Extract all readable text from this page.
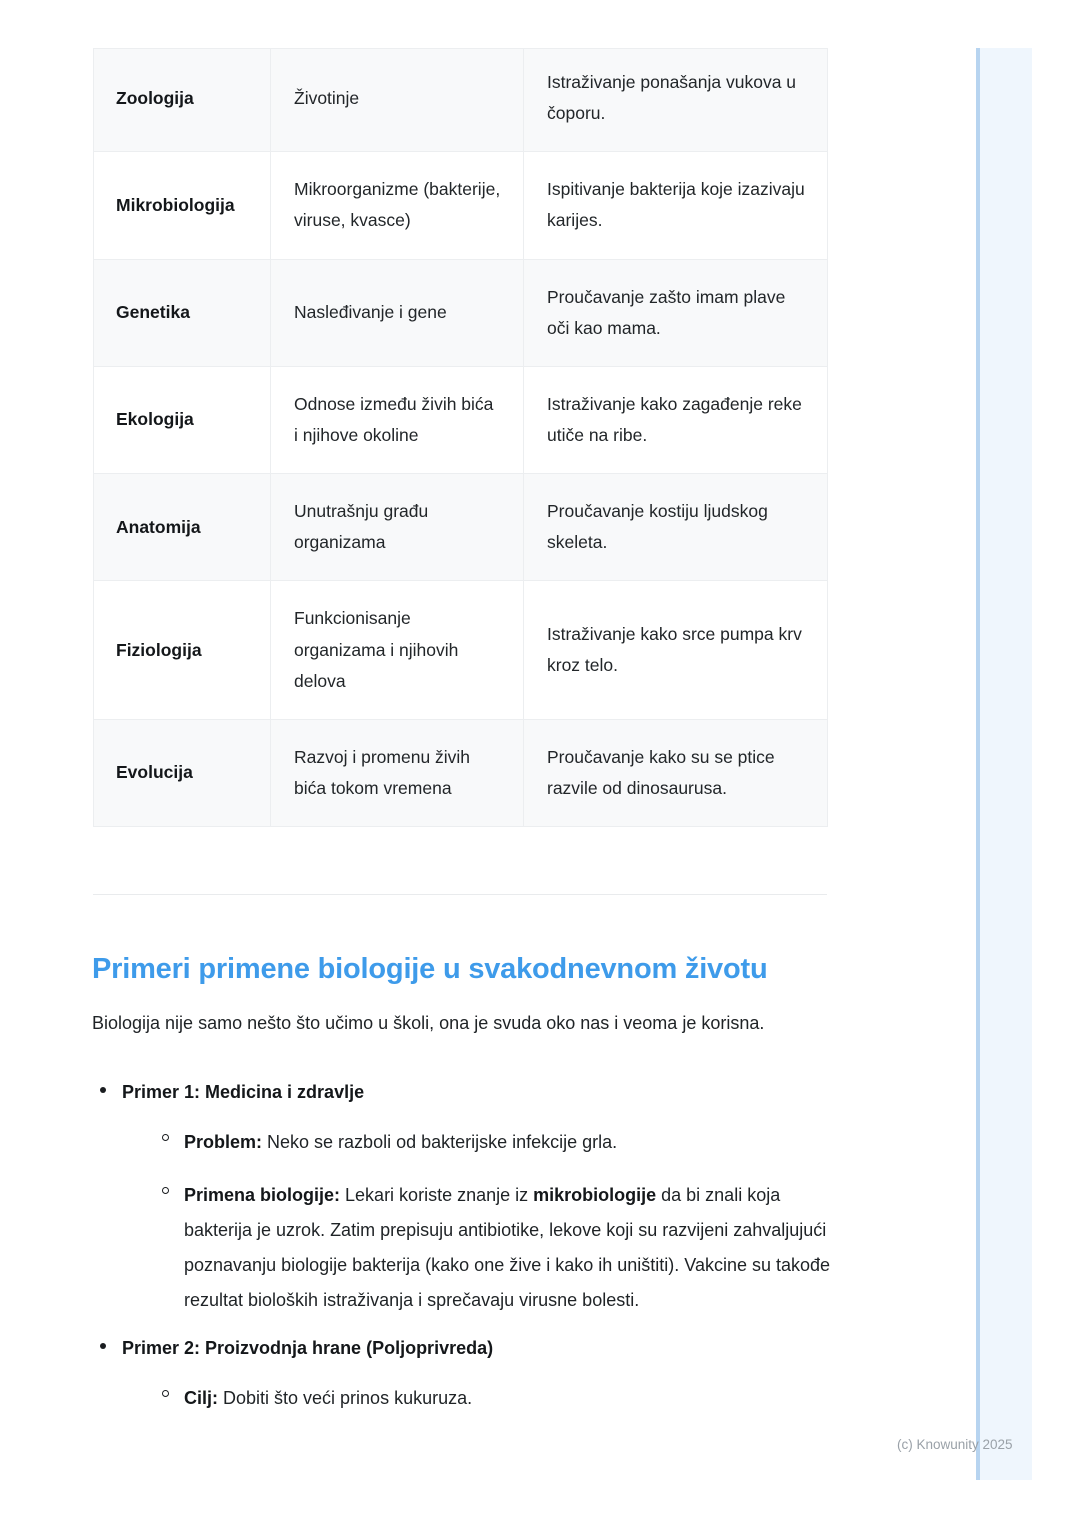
Zoologija	Životinje	Istraživanje ponašanja vukova u čoporu.
Mikrobiologija	Mikroorganizme (bakterije, viruse, kvasce)	Ispitivanje bakterija koje izazivaju karijes.
Genetika	Nasleđivanje i gene	Proučavanje zašto imam plave oči kao mama.
Ekologija	Odnose između živih bića i njihove okoline	Istraživanje kako zagađenje reke utiče na ribe.
Anatomija	Unutrašnju građu organizama	Proučavanje kostiju ljudskog skeleta.
Fiziologija	Funkcionisanje organizama i njihovih delova	Istraživanje kako srce pumpa krv kroz telo.
Evolucija	Razvoj i promenu živih bića tokom vremena	Proučavanje kako su se ptice razvile od dinosaurusa.
Primeri primene biologije u svakodnevnom životu

Biologija nije samo nešto što učimo u školi, ona je svuda oko nas i veoma je korisna.

Primer 1: Medicina i zdravlje
Problem: Neko se razboli od bakterijske infekcije grla.
Primena biologije: Lekari koriste znanje iz mikrobiologije da bi znali koja bakterija je uzrok. Zatim prepisuju antibiotike, lekove koji su razvijeni zahvaljujući poznavanju biologije bakterija (kako one žive i kako ih uništiti). Vakcine su takođe rezultat bioloških istraživanja i sprečavaju virusne bolesti.
Primer 2: Proizvodnja hrane (Poljoprivreda)
Cilj: Dobiti što veći prinos kukuruza.
(c) Knowunity 2025
